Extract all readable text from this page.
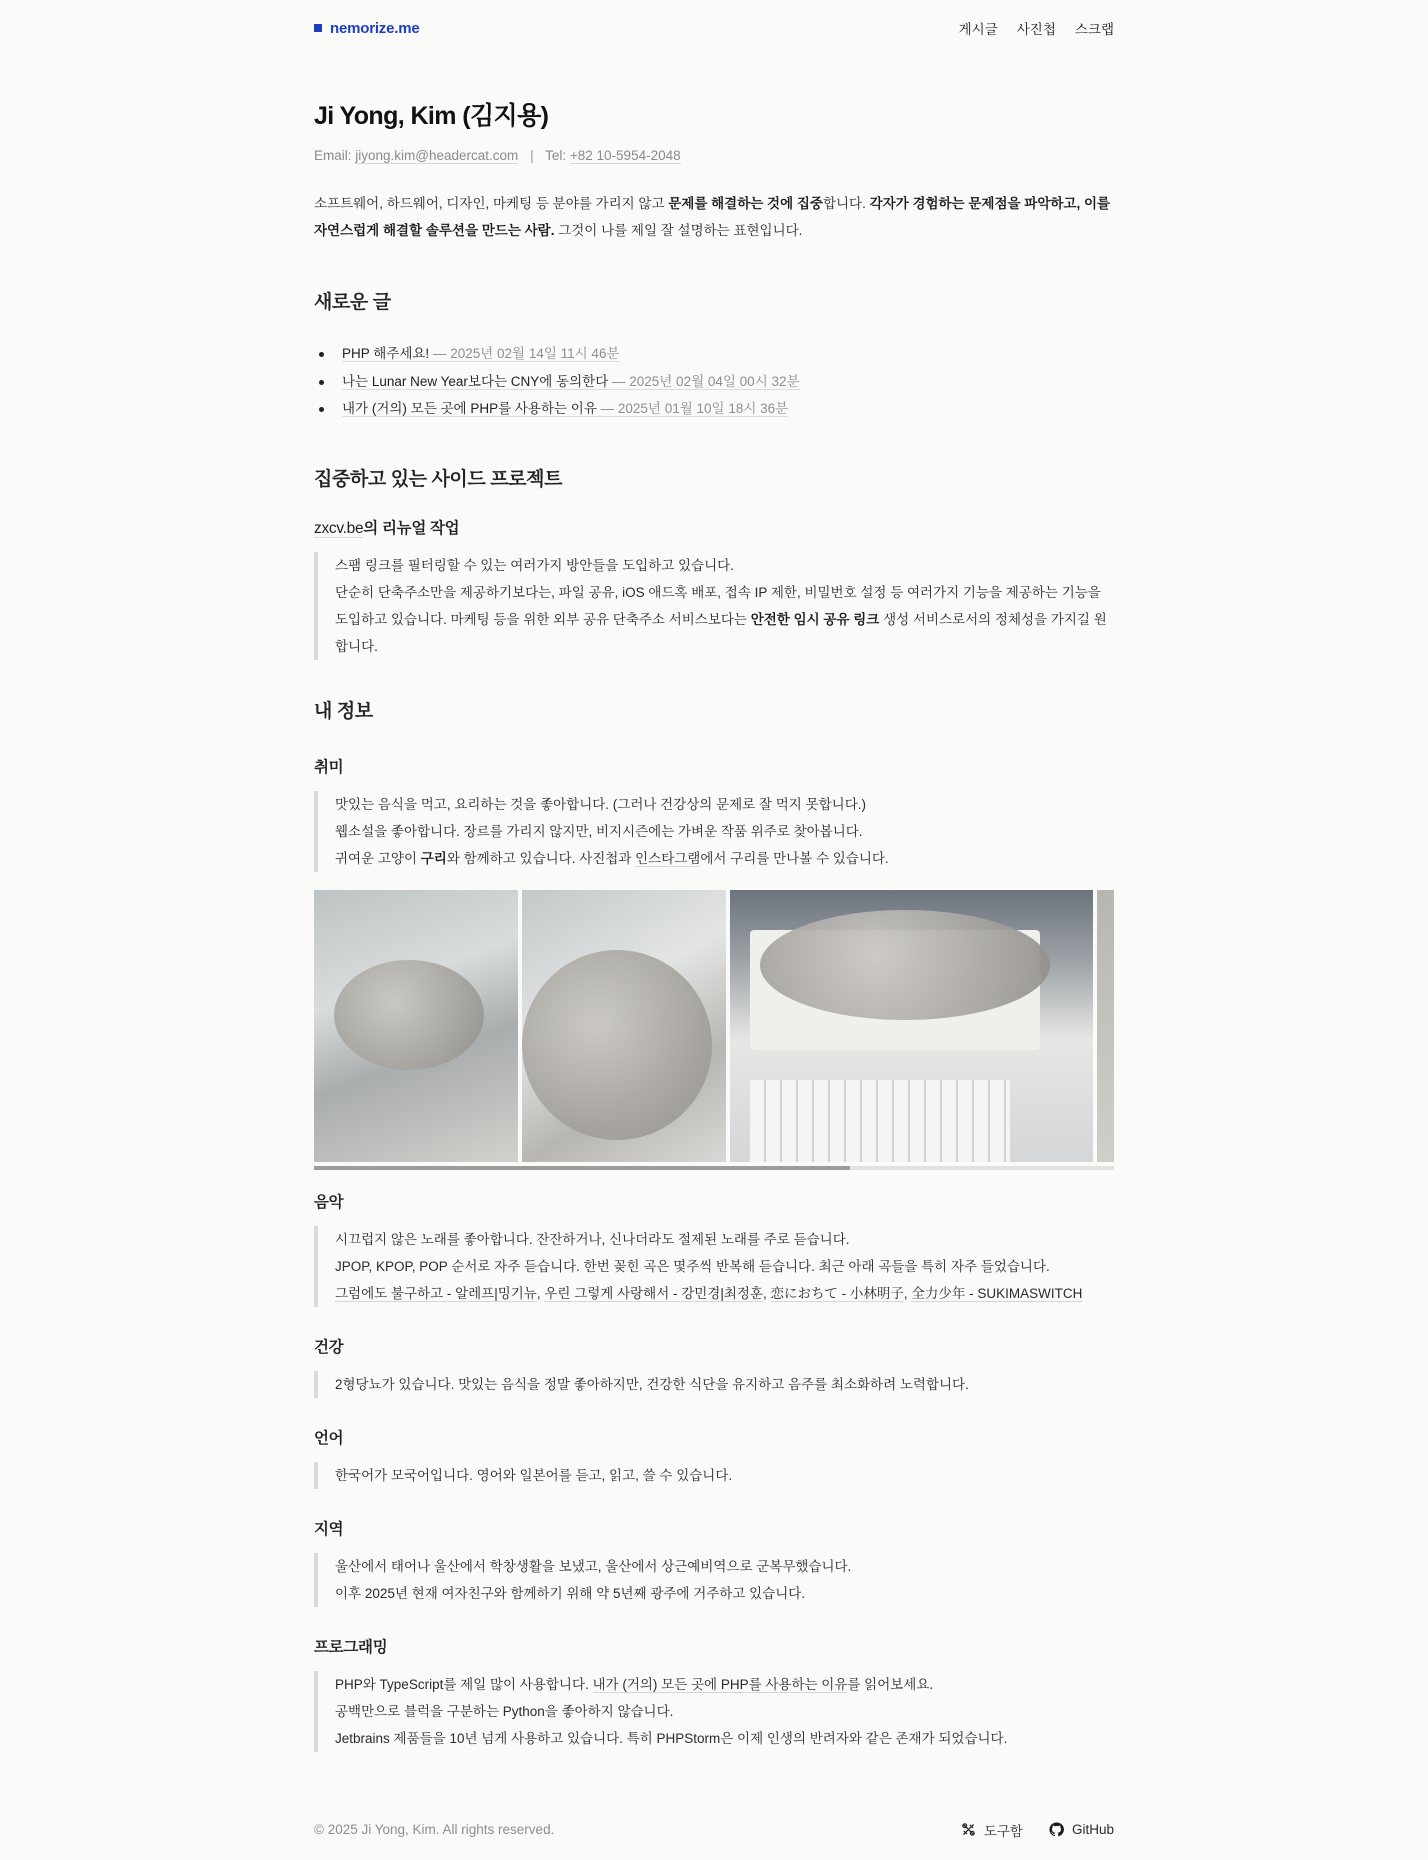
nemorize.me	게시글 사진첩 스크랩
Ji Yong, Kim (김지용)
Email: jiyong.kim@headercat.com | Tel: +82 10-5954-2048

소프트웨어, 하드웨어, 디자인, 마케팅 등 분야를 가리지 않고 문제를 해결하는 것에 집중합니다. 각자가 경험하는 문제점을 파악하고, 이를 자연스럽게 해결할 솔루션을 만드는 사람. 그것이 나를 제일 잘 설명하는 표현입니다.

새로운 글
PHP 해주세요! — 2025년 02월 14일 11시 46분
나는 Lunar New Year보다는 CNY에 동의한다 — 2025년 02월 04일 00시 32분
내가 (거의) 모든 곳에 PHP를 사용하는 이유 — 2025년 01월 10일 18시 36분
집중하고 있는 사이드 프로젝트
zxcv.be의 리뉴얼 작업

스팸 링크를 필터링할 수 있는 여러가지 방안들을 도입하고 있습니다.

단순히 단축주소만을 제공하기보다는, 파일 공유, iOS 애드혹 배포, 접속 IP 제한, 비밀번호 설정 등 여러가지 기능을 제공하는 기능을 도입하고 있습니다. 마케팅 등을 위한 외부 공유 단축주소 서비스보다는 안전한 임시 공유 링크 생성 서비스로서의 정체성을 가지길 원합니다.

내 정보
취미

맛있는 음식을 먹고, 요리하는 것을 좋아합니다. (그러나 건강상의 문제로 잘 먹지 못합니다.)

웹소설을 좋아합니다. 장르를 가리지 않지만, 비지시즌에는 가벼운 작품 위주로 찾아봅니다.

귀여운 고양이 구리와 함께하고 있습니다. 사진첩과 인스타그램에서 구리를 만나볼 수 있습니다.

음악

시끄럽지 않은 노래를 좋아합니다. 잔잔하거나, 신나더라도 절제된 노래를 주로 듣습니다.

JPOP, KPOP, POP 순서로 자주 듣습니다. 한번 꽂힌 곡은 몇주씩 반복해 듣습니다. 최근 아래 곡들을 특히 자주 들었습니다.

그럼에도 불구하고 - 알레프|밍기뉴, 우린 그렇게 사랑해서 - 강민경|최정훈, 恋におちて - 小林明子, 全力少年 - SUKIMASWITCH

건강

2형당뇨가 있습니다. 맛있는 음식을 정말 좋아하지만, 건강한 식단을 유지하고 음주를 최소화하려 노력합니다.

언어

한국어가 모국어입니다. 영어와 일본어를 듣고, 읽고, 쓸 수 있습니다.

지역

울산에서 태어나 울산에서 학창생활을 보냈고, 울산에서 상근예비역으로 군복무했습니다.

이후 2025년 현재 여자친구와 함께하기 위해 약 5년째 광주에 거주하고 있습니다.

프로그래밍

PHP와 TypeScript를 제일 많이 사용합니다. 내가 (거의) 모든 곳에 PHP를 사용하는 이유를 읽어보세요.

공백만으로 블럭을 구분하는 Python을 좋아하지 않습니다.

Jetbrains 제품들을 10년 넘게 사용하고 있습니다. 특히 PHPStorm은 이제 인생의 반려자와 같은 존재가 되었습니다.

© 2025 Ji Yong, Kim. All rights reserved.	도구함	GitHub
